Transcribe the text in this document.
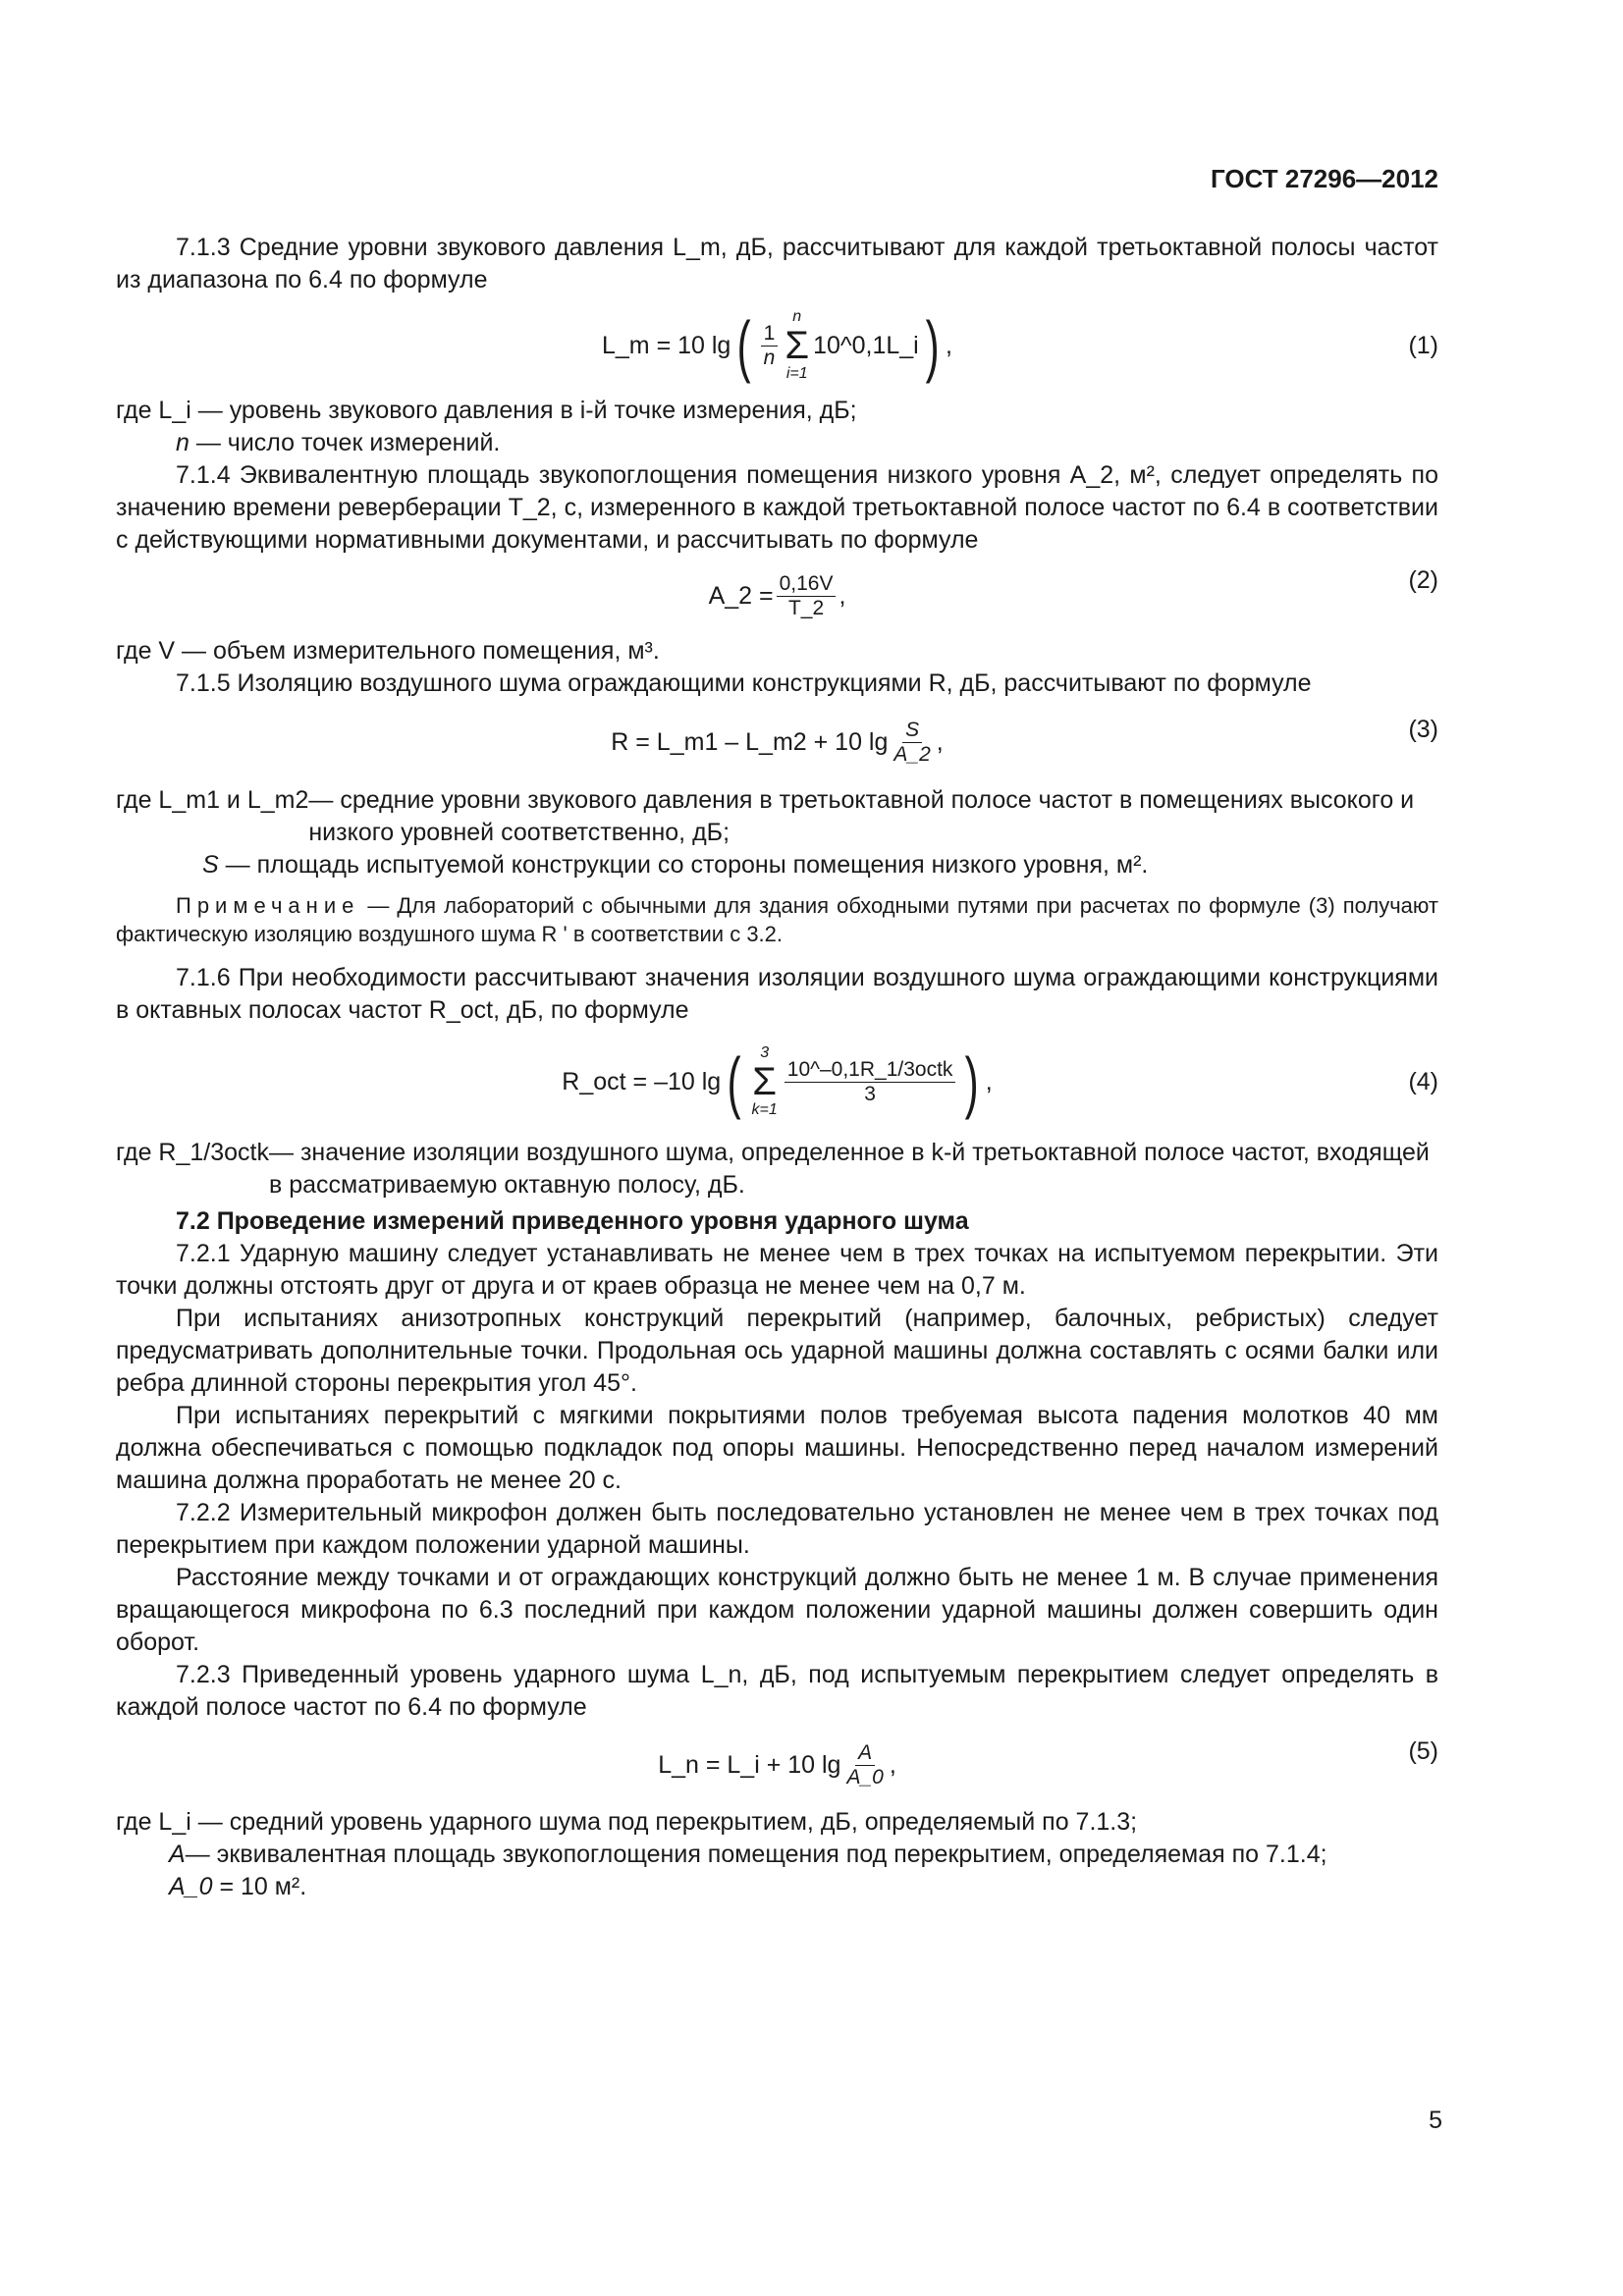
ГОСТ 27296—2012

7.1.3 Средние уровни звукового давления L_m, дБ, рассчитывают для каждой третьоктавной полосы частот из диапазона по 6.4 по формуле

L_m = 10 lg ( $\frac{1}{n}$
n
Σ
i=1
10^0,1L_i ) ,	(1)

где L_i — уровень звукового давления в i-й точке измерения, дБ;

n — число точек измерений.

7.1.4 Эквивалентную площадь звукопоглощения помещения низкого уровня A_2, м², следует определять по значению времени реверберации T_2, с, измеренного в каждой третьоктавной полосе частот по 6.4 в соответствии с действующими нормативными документами, и рассчитывать по формуле

A_2 = $\frac{0,16V}{T\_2}$ ,
(2)

где V — объем измерительного помещения, м³.

7.1.5 Изоляцию воздушного шума ограждающими конструкциями R, дБ, рассчитывают по формуле

R = L_m1 – L_m2 + 10 $\lg \frac{S}{A\_2}$ ,	(3)
где L_m1 и L_m2 — средние уровни звукового давления в третьоктавной полосе частот в помещениях высокого и низкого уровней соответственно, дБ;

S — площадь испытуемой конструкции со стороны помещения низкого уровня, м².

Примечание — Для лабораторий с обычными для здания обходными путями при расчетах по формуле (3) получают фактическую изоляцию воздушного шума R ' в соответствии с 3.2.

7.1.6 При необходимости рассчитывают значения изоляции воздушного шума ограждающими конструкциями в октавных полосах частот R_oct, дБ, по формуле

R_oct = –10 lg ( 3
Σ
k=1
$\frac{\text{10\textasciicircum{}–0,1R\_1/3octk}}{3}$ ) ,	(4)
где R_1/3octk — значение изоляции воздушного шума, определенное в k-й третьоктавной полосе частот, входящей в рассматриваемую октавную полосу, дБ.

7.2 Проведение измерений приведенного уровня ударного шума

7.2.1 Ударную машину следует устанавливать не менее чем в трех точках на испытуемом перекрытии. Эти точки должны отстоять друг от друга и от краев образца не менее чем на 0,7 м.

При испытаниях анизотропных конструкций перекрытий (например, балочных, ребристых) следует предусматривать дополнительные точки. Продольная ось ударной машины должна составлять с осями балки или ребра длинной стороны перекрытия угол 45°.

При испытаниях перекрытий с мягкими покрытиями полов требуемая высота падения молотков 40 мм должна обеспечиваться с помощью подкладок под опоры машины. Непосредственно перед началом измерений машина должна проработать не менее 20 с.

7.2.2 Измерительный микрофон должен быть последовательно установлен не менее чем в трех точках под перекрытием при каждом положении ударной машины.

Расстояние между точками и от ограждающих конструкций должно быть не менее 1 м. В случае применения вращающегося микрофона по 6.3 последний при каждом положении ударной машины должен совершить один оборот.

7.2.3 Приведенный уровень ударного шума L_n, дБ, под испытуемым перекрытием следует определять в каждой полосе частот по 6.4 по формуле

L_n = L_i + 10 $\lg \frac{A}{A\_0}$ ,	(5)

где L_i — средний уровень ударного шума под перекрытием, дБ, определяемый по 7.1.3;

A — эквивалентная площадь звукопоглощения помещения под перекрытием, определяемая по 7.1.4;

A_0 = 10 м².

5
